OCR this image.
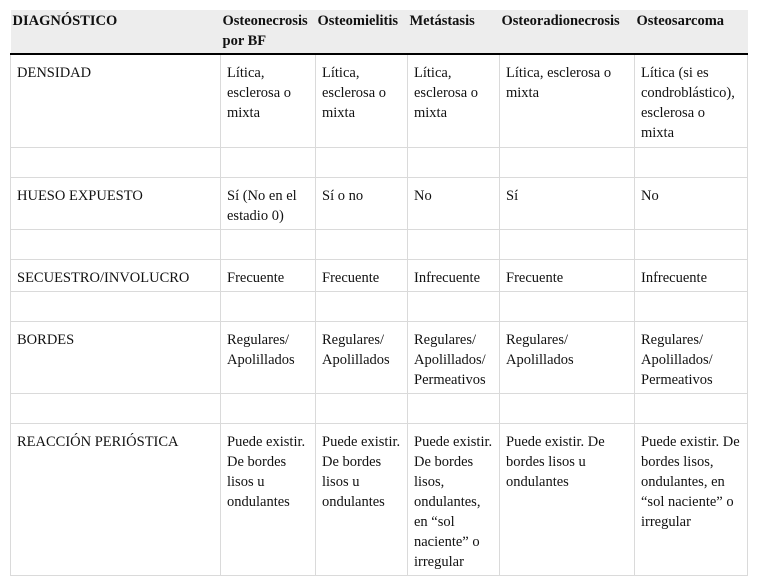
DIAGNÓSTICO	Osteonecrosis por BF	Osteomielitis	Metástasis	Osteoradionecrosis	Osteosarcoma
DENSIDAD	Lítica, esclerosa o mixta	Lítica, esclerosa o mixta	Lítica, esclerosa o mixta	Lítica, esclerosa o mixta	Lítica (si es condroblástico), esclerosa o mixta

HUESO EXPUESTO	Sí (No en el estadio 0)	Sí o no	No	Sí	No

SECUESTRO/INVOLUCRO	Frecuente	Frecuente	Infrecuente	Frecuente	Infrecuente

BORDES	Regulares/ Apolillados	Regulares/ Apolillados	Regulares/ Apolillados/ Permeativos	Regulares/ Apolillados	Regulares/ Apolillados/ Permeativos

REACCIÓN PERIÓSTICA	Puede existir. De bordes lisos u ondulantes	Puede existir. De bordes lisos u ondulantes	Puede existir. De bordes lisos, ondulantes, en “sol naciente” o irregular	Puede existir. De bordes lisos u ondulantes	Puede existir. De bordes lisos, ondulantes, en “sol naciente” o irregular
